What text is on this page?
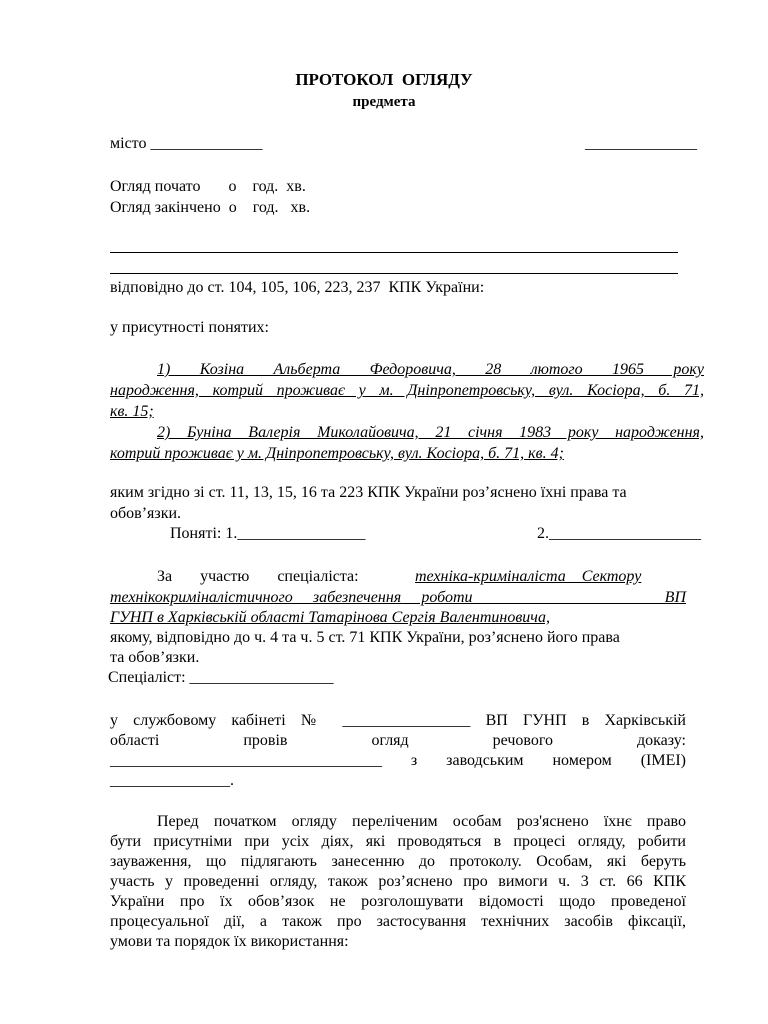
ПРОТОКОЛ  ОГЛЯДУ
предмета
місто ______________	______________
Огляд почато       о    год.  хв.
Огляд закінчено  о    год.   хв.
відповідно до ст. 104, 105, 106, 223, 237  КПК України:
у присутності понятих:
1) Козіна Альберта Федоровича, 28 лютого 1965 року
народження, котрий проживає у м. Дніпропетровську, вул. Косіора, б. 71,
кв. 15;
2) Буніна Валерія Миколайовича, 21 січня 1983 року народження,
котрий проживає у м. Дніпропетровську, вул. Косіора, б. 71, кв. 4;
яким згідно зі ст. 11, 13, 15, 16 та 223 КПК України роз’яснено їхні права та
обов’язки.
Поняті: 1.________________	2.___________________
За       участю       спеціаліста:	техніка-криміналіста    Сектору
технікокриміналістичного забезпечення роботи ___________________ ВП
ГУНП в Харківській області Татарінова Сергія Валентиновича,
якому, відповідно до ч. 4 та ч. 5 ст. 71 КПК України, роз’яснено його права
та обов’язки.
Спеціаліст: __________________
у службовому кабінеті № ________________ ВП ГУНП в Харківській
області провів огляд речового доказу:
__________________________________ з заводським номером (IMEI)
_______________.
Перед початком огляду переліченим особам роз'яснено їхнє право
бути присутніми при усіх діях, які проводяться в процесі огляду, робити
зауваження, що підлягають занесенню до протоколу. Особам, які беруть
участь у проведенні огляду, також роз’яснено про вимоги ч. 3 ст. 66 КПК
України про їх обов’язок не розголошувати відомості щодо проведеної
процесуальної дії, а також про застосування технічних засобів фіксації,
умови та порядок їх використання:
